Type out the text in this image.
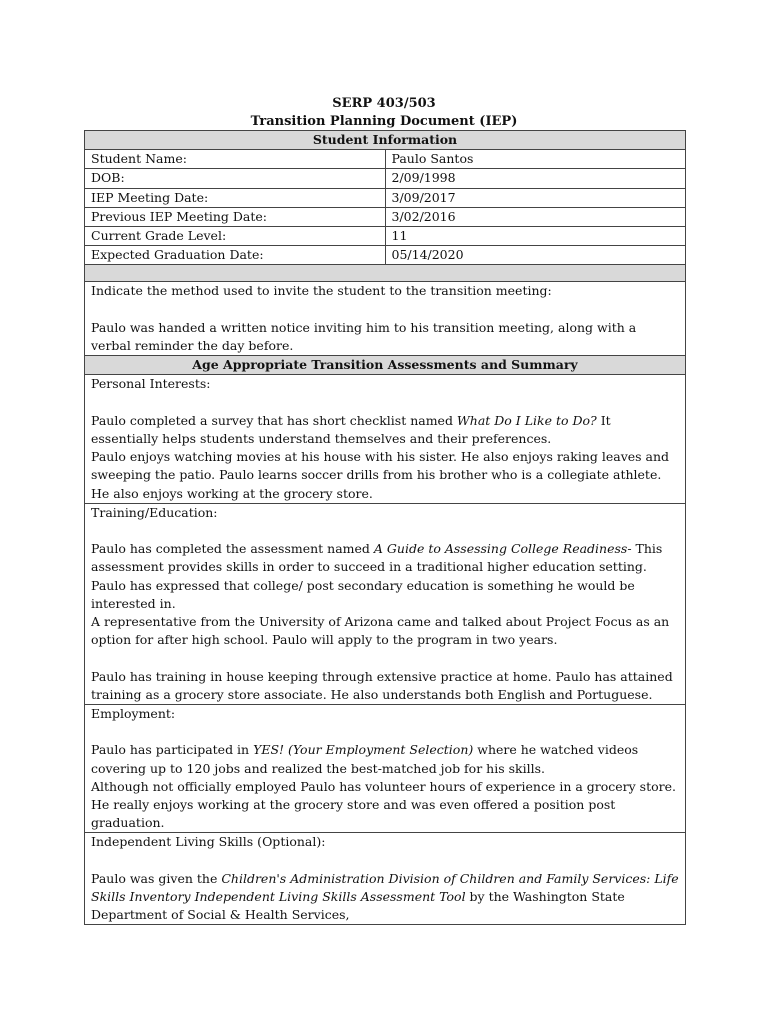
SERP 403/503
Transition Planning Document (IEP)
Student Information	
Student Name:	Paulo Santos
DOB:	2/09/1998
IEP Meeting Date:	3/09/2017
Previous IEP Meeting Date:	3/02/2016
Current Grade Level:	11
Expected Graduation Date:	05/14/2020

Indicate the method used to invite the student to the transition meeting:

Paulo was handed a written notice inviting him to his transition meeting, along with a verbal reminder the day before.	

Age Appropriate Transition Assessments and Summary	

Personal Interests:

Paulo completed a survey that has short checklist named What Do I Like to Do? It essentially helps students understand themselves and their preferences.

Paulo enjoys watching movies at his house with his sister. He also enjoys raking leaves and sweeping the patio. Paulo learns soccer drills from his brother who is a collegiate athlete. He also enjoys working at the grocery store.	

Training/Education:

Paulo has completed the assessment named A Guide to Assessing College Readiness- This assessment provides skills in order to succeed in a traditional higher education setting.

Paulo has expressed that college/ post secondary education is something he would be interested in.

A representative from the University of Arizona came and talked about Project Focus as an option for after high school. Paulo will apply to the program in two years.

Paulo has training in house keeping through extensive practice at home. Paulo has attained training as a grocery store associate. He also understands both English and Portuguese.	

Employment:

Paulo has participated in YES! (Your Employment Selection) where he watched videos covering up to 120 jobs and realized the best-matched job for his skills.

Although not officially employed Paulo has volunteer hours of experience in a grocery store. He really enjoys working at the grocery store and was even offered a position post graduation.	

Independent Living Skills (Optional):

Paulo was given the Children's Administration Division of Children and Family Services: Life Skills Inventory Independent Living Skills Assessment Tool by the Washington State Department of Social & Health Services,	
